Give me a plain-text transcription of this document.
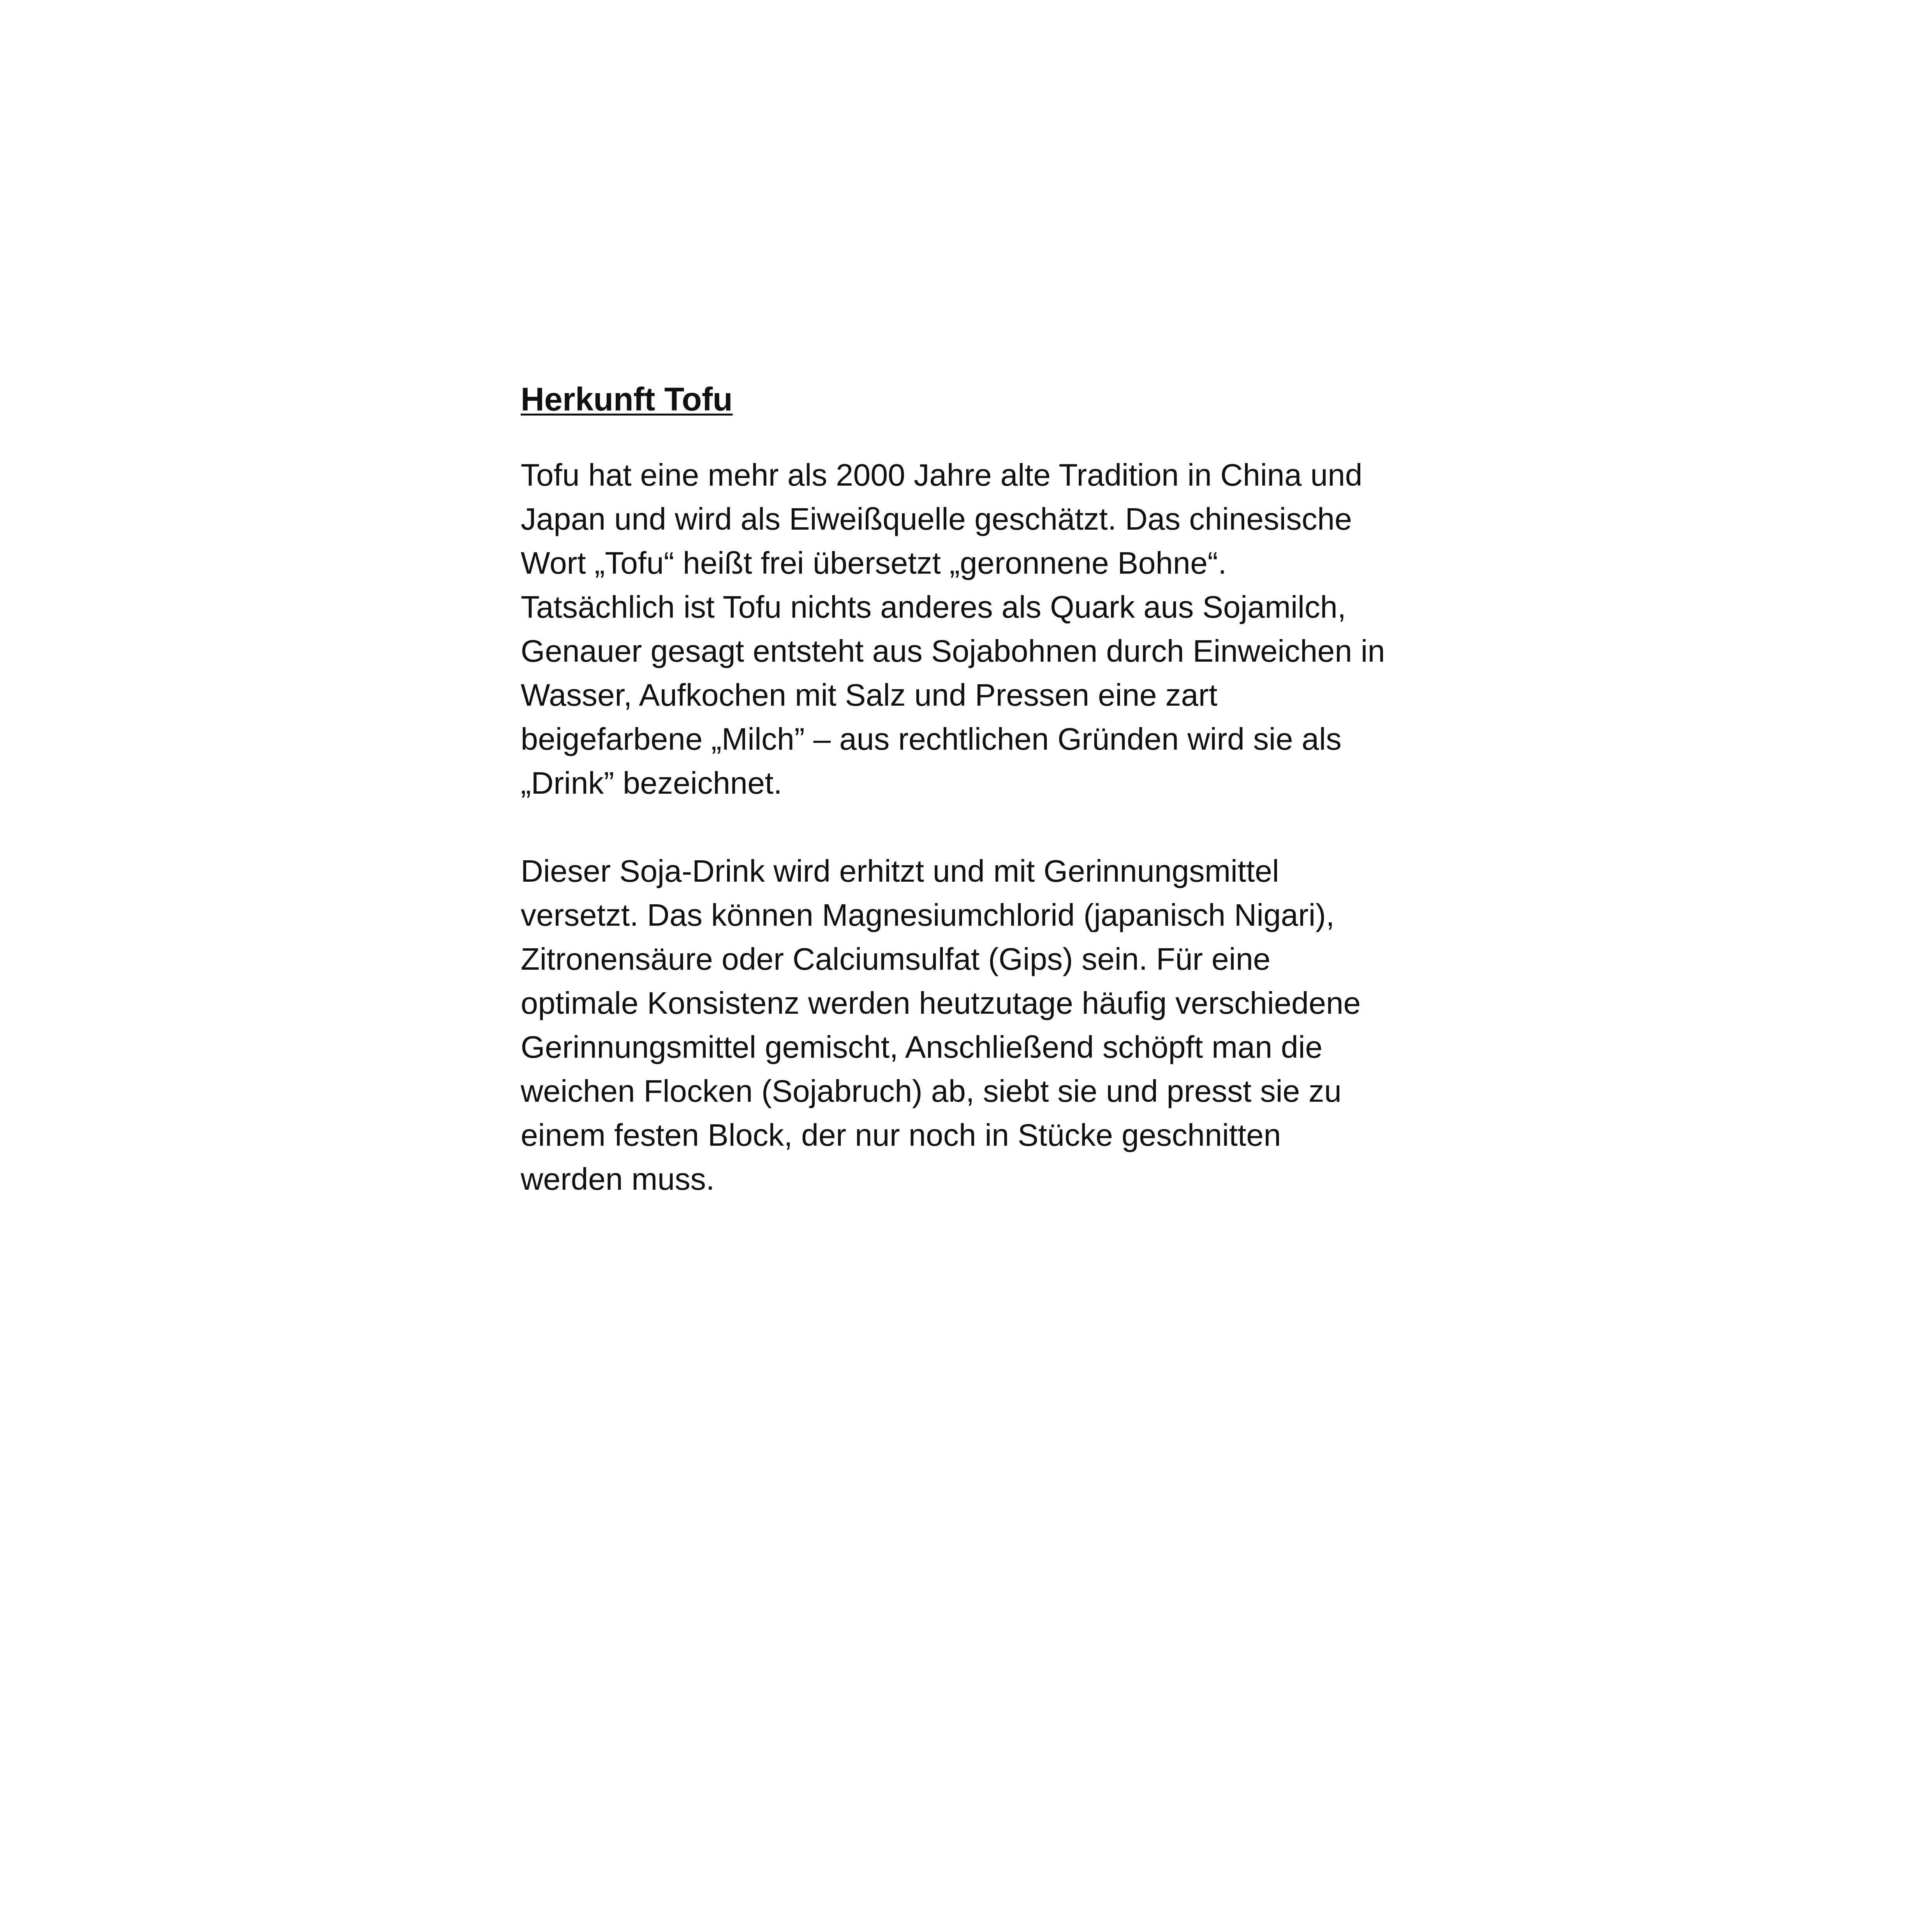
Herkunft Tofu
Tofu hat eine mehr als 2000 Jahre alte Tradition in China und
Japan und wird als Eiweißquelle geschätzt. Das chinesische
Wort „Tofu“ heißt frei übersetzt „geronnene Bohne“.
Tatsächlich ist Tofu nichts anderes als Quark aus Sojamilch,
Genauer gesagt entsteht aus Sojabohnen durch Einweichen in
Wasser, Aufkochen mit Salz und Pressen eine zart
beigefarbene „Milch” – aus rechtlichen Gründen wird sie als
„Drink” bezeichnet.
Dieser Soja-Drink wird erhitzt und mit Gerinnungsmittel
versetzt. Das können Magnesiumchlorid (japanisch Nigari),
Zitronensäure oder Calciumsulfat (Gips) sein. Für eine
optimale Konsistenz werden heutzutage häufig verschiedene
Gerinnungsmittel gemischt, Anschließend schöpft man die
weichen Flocken (Sojabruch) ab, siebt sie und presst sie zu
einem festen Block, der nur noch in Stücke geschnitten
werden muss.
